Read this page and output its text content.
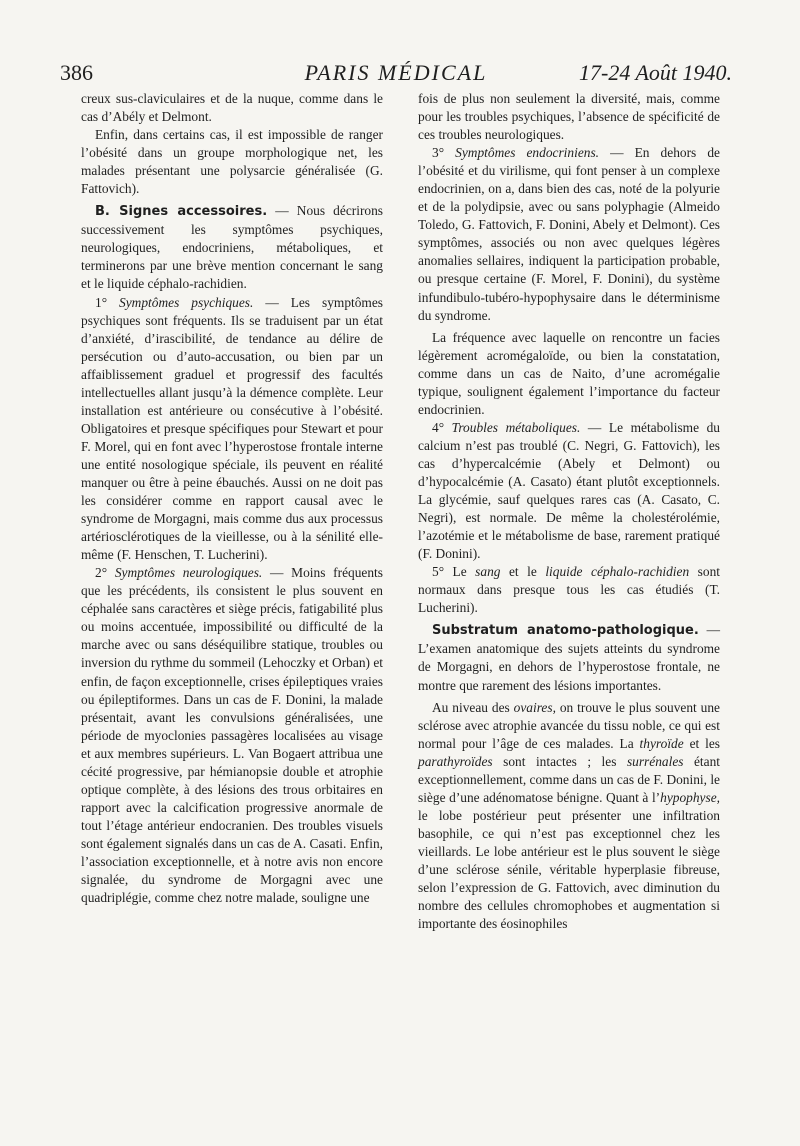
386	PARIS MÉDICAL	17-24 Août 1940.

creux sus-claviculaires et de la nuque, comme dans le cas d’Abély et Delmont.

Enfin, dans certains cas, il est impossible de ranger l’obésité dans un groupe morphologique net, les malades présentant une polysarcie généralisée (G. Fattovich).

B. Signes accessoires. — Nous décrirons successivement les symptômes psychiques, neurologiques, endocriniens, métaboliques, et terminerons par une brève mention concernant le sang et le liquide céphalo-rachidien.

1° Symptômes psychiques. — Les symptômes psychiques sont fréquents. Ils se traduisent par un état d’anxiété, d’irascibilité, de tendance au délire de persécution ou d’auto-accusation, ou bien par un affaiblissement graduel et progressif des facultés intellectuelles allant jusqu’à la démence complète. Leur installation est antérieure ou consécutive à l’obésité. Obligatoires et presque spécifiques pour Stewart et pour F. Morel, qui en font avec l’hyperostose frontale interne une entité nosologique spéciale, ils peuvent en réalité manquer ou être à peine ébauchés. Aussi on ne doit pas les considérer comme en rapport causal avec le syndrome de Morgagni, mais comme dus aux processus artériosclérotiques de la vieillesse, ou à la sénilité elle-même (F. Henschen, T. Lucherini).

2° Symptômes neurologiques. — Moins fréquents que les précédents, ils consistent le plus souvent en céphalée sans caractères et siège précis, fatigabilité plus ou moins accentuée, impossibilité ou difficulté de la marche avec ou sans déséquilibre statique, troubles ou inversion du rythme du sommeil (Lehoczky et Orban) et enfin, de façon exceptionnelle, crises épileptiques vraies ou épileptiformes. Dans un cas de F. Donini, la malade présentait, avant les convulsions généralisées, une période de myoclonies passagères localisées au visage et aux membres supérieurs. L. Van Bogaert attribua une cécité progressive, par hémianopsie double et atrophie optique complète, à des lésions des trous orbitaires en rapport avec la calcification progressive anormale de tout l’étage antérieur endocranien. Des troubles visuels sont également signalés dans un cas de A. Casati. Enfin, l’association exceptionnelle, et à notre avis non encore signalée, du syndrome de Morgagni avec une quadriplégie, comme chez notre malade, souligne une

fois de plus non seulement la diversité, mais, comme pour les troubles psychiques, l’absence de spécificité de ces troubles neurologiques.

3° Symptômes endocriniens. — En dehors de l’obésité et du virilisme, qui font penser à un complexe endocrinien, on a, dans bien des cas, noté de la polyurie et de la polydipsie, avec ou sans polyphagie (Almeido Toledo, G. Fattovich, F. Donini, Abely et Delmont). Ces symptômes, associés ou non avec quelques légères anomalies sellaires, indiquent la participation probable, ou presque certaine (F. Morel, F. Donini), du système infundibulo-tubéro-hypophysaire dans le déterminisme du syndrome.

La fréquence avec laquelle on rencontre un facies légèrement acromégaloïde, ou bien la constatation, comme dans un cas de Naito, d’une acromégalie typique, soulignent également l’importance du facteur endocrinien.

4° Troubles métaboliques. — Le métabolisme du calcium n’est pas troublé (C. Negri, G. Fattovich), les cas d’hypercalcémie (Abely et Delmont) ou d’hypocalcémie (A. Casato) étant plutôt exceptionnels. La glycémie, sauf quelques rares cas (A. Casato, C. Negri), est normale. De même la cholestérolémie, l’azotémie et le métabolisme de base, rarement pratiqué (F. Donini).

5° Le sang et le liquide céphalo-rachidien sont normaux dans presque tous les cas étudiés (T. Lucherini).

Substratum anatomo-pathologique. — L’examen anatomique des sujets atteints du syndrome de Morgagni, en dehors de l’hyperostose frontale, ne montre que rarement des lésions importantes.

Au niveau des ovaires, on trouve le plus souvent une sclérose avec atrophie avancée du tissu noble, ce qui est normal pour l’âge de ces malades. La thyroïde et les parathyroïdes sont intactes ; les surrénales étant exceptionnellement, comme dans un cas de F. Donini, le siège d’une adénomatose bénigne. Quant à l’hypophyse, le lobe postérieur peut présenter une infiltration basophile, ce qui n’est pas exceptionnel chez les vieillards. Le lobe antérieur est le plus souvent le siège d’une sclérose sénile, véritable hyperplasie fibreuse, selon l’expression de G. Fattovich, avec diminution du nombre des cellules chromophobes et augmentation si importante des éosinophiles
